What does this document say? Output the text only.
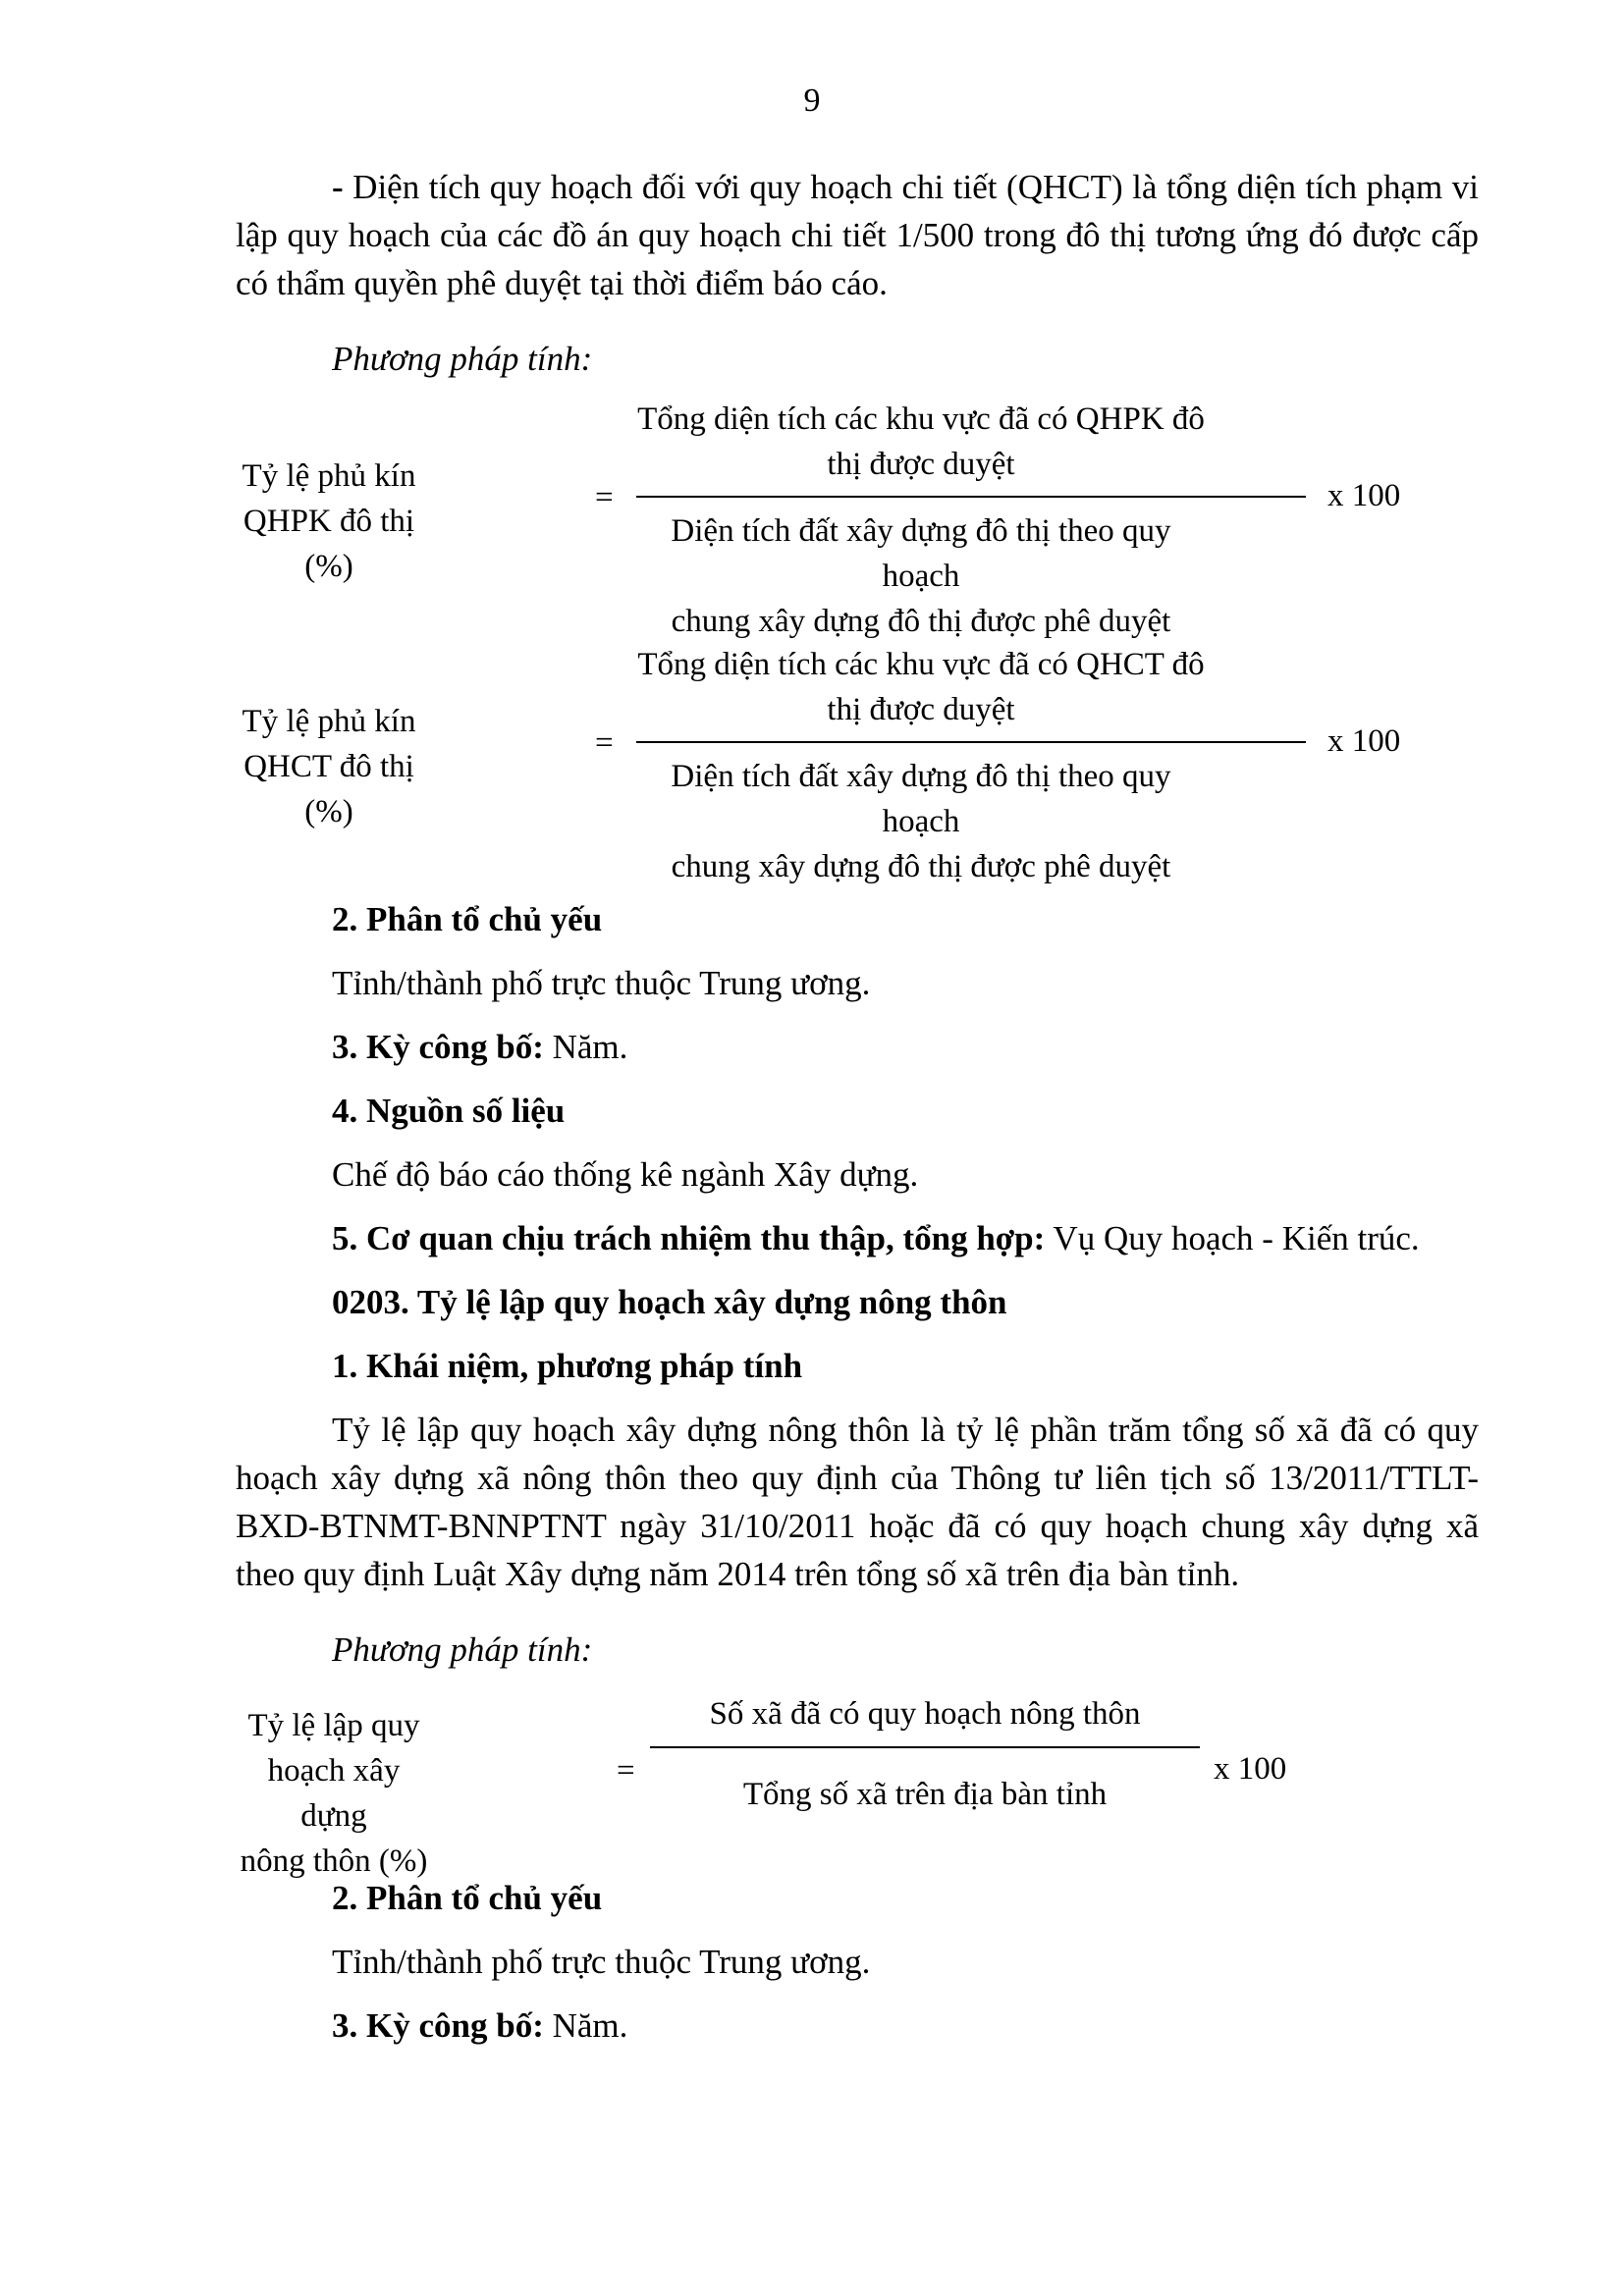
9

- Diện tích quy hoạch đối với quy hoạch chi tiết (QHCT) là tổng diện tích phạm vi lập quy hoạch của các đồ án quy hoạch chi tiết 1/500 trong đô thị tương ứng đó được cấp có thẩm quyền phê duyệt tại thời điểm báo cáo.

Phương pháp tính:

Tỷ lệ phủ kín
QHPK đô thị (%)
=
Tổng diện tích các khu vực đã có QHPK đô
thị được duyệt
Diện tích đất xây dựng đô thị theo quy hoạch
chung xây dựng đô thị được phê duyệt
x 100
Tỷ lệ phủ kín
QHCT đô thị (%)
=
Tổng diện tích các khu vực đã có QHCT đô
thị được duyệt
Diện tích đất xây dựng đô thị theo quy hoạch
chung xây dựng đô thị được phê duyệt
x 100

2. Phân tổ chủ yếu

Tỉnh/thành phố trực thuộc Trung ương.

3. Kỳ công bố: Năm.

4. Nguồn số liệu

Chế độ báo cáo thống kê ngành Xây dựng.

5. Cơ quan chịu trách nhiệm thu thập, tổng hợp: Vụ Quy hoạch - Kiến trúc.

0203. Tỷ lệ lập quy hoạch xây dựng nông thôn

1. Khái niệm, phương pháp tính

Tỷ lệ lập quy hoạch xây dựng nông thôn là tỷ lệ phần trăm tổng số xã đã có quy hoạch xây dựng xã nông thôn theo quy định của Thông tư liên tịch số 13/2011/TTLT-BXD-BTNMT-BNNPTNT ngày 31/10/2011 hoặc đã có quy hoạch chung xây dựng xã theo quy định Luật Xây dựng năm 2014 trên tổng số xã trên địa bàn tỉnh.

Phương pháp tính:

Tỷ lệ lập quy
hoạch xây dựng
nông thôn (%)
=
Số xã đã có quy hoạch nông thôn
Tổng số xã trên địa bàn tỉnh
x 100

2. Phân tổ chủ yếu

Tỉnh/thành phố trực thuộc Trung ương.

3. Kỳ công bố: Năm.
